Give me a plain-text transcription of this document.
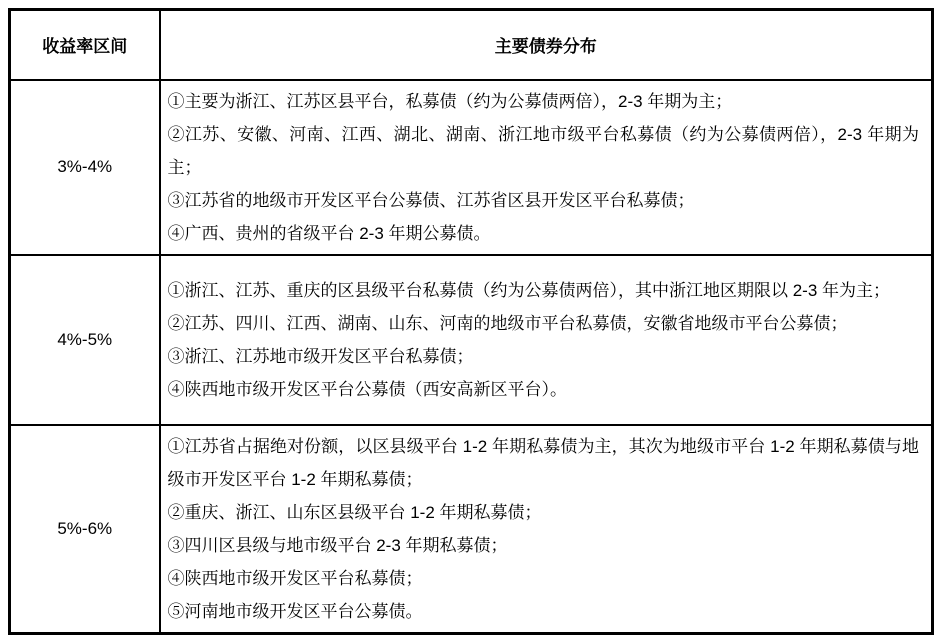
收益率区间	主要债券分布
3%-4%	①主要为浙江、江苏区县平台，私募债（约为公募债两倍），2-3 年期为主；

②江苏、安徽、河南、江西、湖北、湖南、浙江地市级平台私募债（约为公募债两倍），2-3 年期为主；

③江苏省的地级市开发区平台公募债、江苏省区县开发区平台私募债；

④广西、贵州的省级平台 2-3 年期公募债。

4%-5%	①浙江、江苏、重庆的区县级平台私募债（约为公募债两倍），其中浙江地区期限以 2-3 年为主；

②江苏、四川、江西、湖南、山东、河南的地级市平台私募债，安徽省地级市平台公募债；

③浙江、江苏地市级开发区平台私募债；

④陕西地市级开发区平台公募债（西安高新区平台）。

5%-6%	①江苏省占据绝对份额，以区县级平台 1-2 年期私募债为主，其次为地级市平台 1-2 年期私募债与地级市开发区平台 1-2 年期私募债；

②重庆、浙江、山东区县级平台 1-2 年期私募债；

③四川区县级与地市级平台 2-3 年期私募债；

④陕西地市级开发区平台私募债；

⑤河南地市级开发区平台公募债。
